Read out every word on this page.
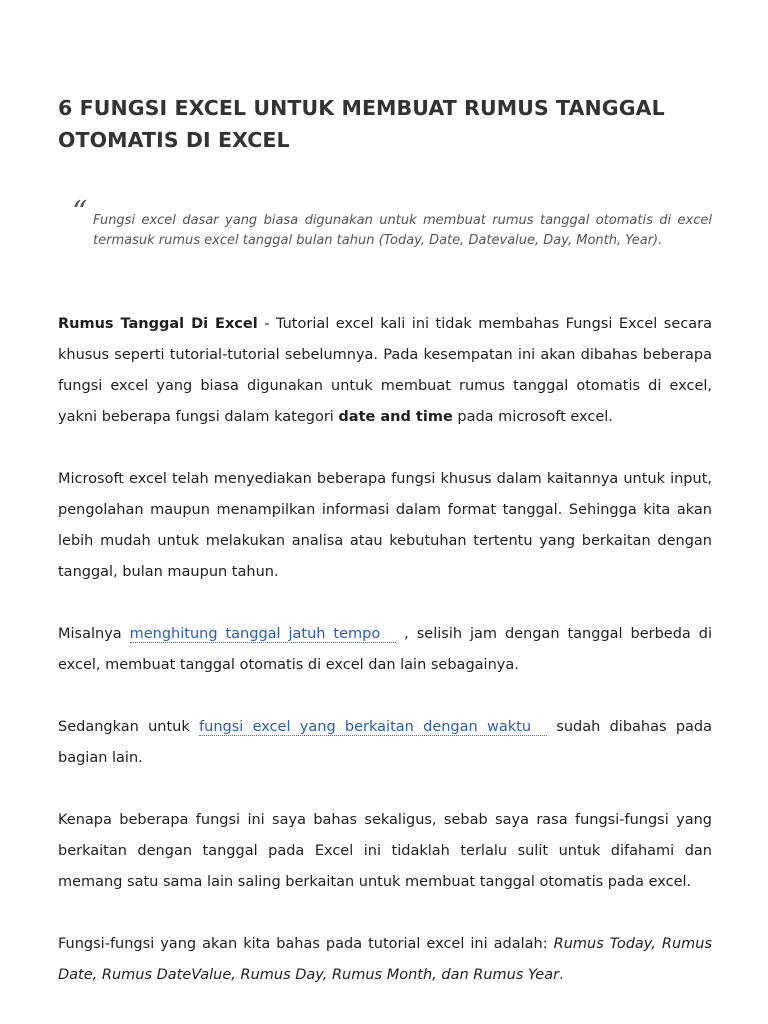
6 FUNGSI EXCEL UNTUK MEMBUAT RUMUS TANGGAL OTOMATIS DI EXCEL
“ Fungsi excel dasar yang biasa digunakan untuk membuat rumus tanggal otomatis di excel termasuk rumus excel tanggal bulan tahun (Today, Date, Datevalue, Day, Month, Year).

Rumus Tanggal Di Excel - Tutorial excel kali ini tidak membahas Fungsi Excel secara khusus seperti tutorial-tutorial sebelumnya. Pada kesempatan ini akan dibahas beberapa fungsi excel yang biasa digunakan untuk membuat rumus tanggal otomatis di excel, yakni beberapa fungsi dalam kategori date and time pada microsoft excel.

Microsoft excel telah menyediakan beberapa fungsi khusus dalam kaitannya untuk input, pengolahan maupun menampilkan informasi dalam format tanggal. Sehingga kita akan lebih mudah untuk melakukan analisa atau kebutuhan tertentu yang berkaitan dengan tanggal, bulan maupun tahun.

Misalnya menghitung tanggal jatuh tempo , selisih jam dengan tanggal berbeda di excel, membuat tanggal otomatis di excel dan lain sebagainya.

Sedangkan untuk fungsi excel yang berkaitan dengan waktu sudah dibahas pada bagian lain.

Kenapa beberapa fungsi ini saya bahas sekaligus, sebab saya rasa fungsi-fungsi yang berkaitan dengan tanggal pada Excel ini tidaklah terlalu sulit untuk difahami dan memang satu sama lain saling berkaitan untuk membuat tanggal otomatis pada excel.

Fungsi-fungsi yang akan kita bahas pada tutorial excel ini adalah: Rumus Today, Rumus Date, Rumus DateValue, Rumus Day, Rumus Month, dan Rumus Year.
